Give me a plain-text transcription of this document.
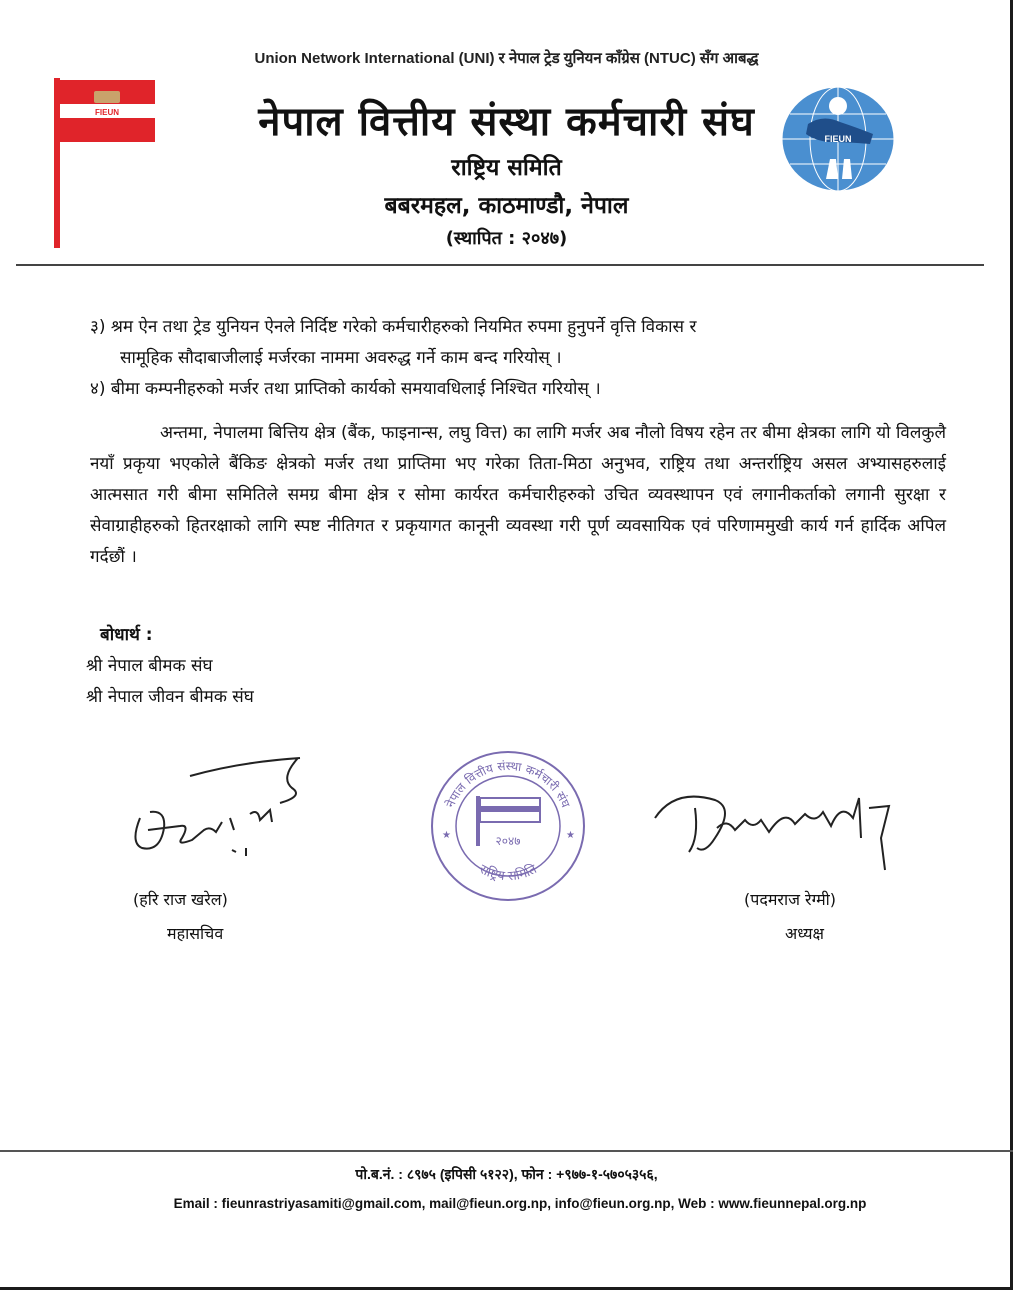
Union Network International (UNI) र नेपाल ट्रेड युनियन काँग्रेस (NTUC) सँग आबद्ध
FIEUN
FIEUN
नेपाल वित्तीय संस्था कर्मचारी संघ
राष्ट्रिय समिति
बबरमहल, काठमाण्डौ, नेपाल
(स्थापित : २०४७)
३) श्रम ऐन तथा ट्रेड युनियन ऐनले निर्दिष्ट गरेको कर्मचारीहरुको नियमित रुपमा हुनुपर्ने वृत्ति विकास र
सामूहिक सौदाबाजीलाई मर्जरका नाममा अवरुद्ध गर्ने काम बन्द गरियोस् ।
४) बीमा कम्पनीहरुको मर्जर तथा प्राप्तिको कार्यको समयावधिलाई निश्चित गरियोस् ।
अन्तमा, नेपालमा बित्तिय क्षेत्र (बैंक, फाइनान्स, लघु वित्त) का लागि मर्जर अब नौलो विषय रहेन तर बीमा क्षेत्रका लागि यो विलकुलै नयाँ प्रकृया भएकोले बैंकिङ क्षेत्रको मर्जर तथा प्राप्तिमा भए गरेका तिता-मिठा अनुभव, राष्ट्रिय तथा अन्तर्राष्ट्रिय असल अभ्यासहरुलाई आत्मसात गरी बीमा समितिले समग्र बीमा क्षेत्र र सोमा कार्यरत कर्मचारीहरुको उचित व्यवस्थापन एवं लगानीकर्ताको लगानी सुरक्षा र सेवाग्राहीहरुको हितरक्षाको लागि स्पष्ट नीतिगत र प्रकृयागत कानूनी व्यवस्था गरी पूर्ण व्यवसायिक एवं परिणाममुखी कार्य गर्न हार्दिक अपिल गर्दछौं ।
बोधार्थ :
श्री नेपाल बीमक संघ
श्री नेपाल जीवन बीमक संघ
नेपाल वित्तीय संस्था कर्मचारी संघ
राष्ट्रिय समिति
२०४७
★	★
(हरि राज खरेल)
महासचिव
(पदमराज रेग्मी)
अध्यक्ष
पो.ब.नं. : ८९७५ (इपिसी ५१२२), फोन : +९७७-१-५७०५३५६,
Email : fieunrastriyasamiti@gmail.com, mail@fieun.org.np, info@fieun.org.np, Web : www.fieunnepal.org.np
